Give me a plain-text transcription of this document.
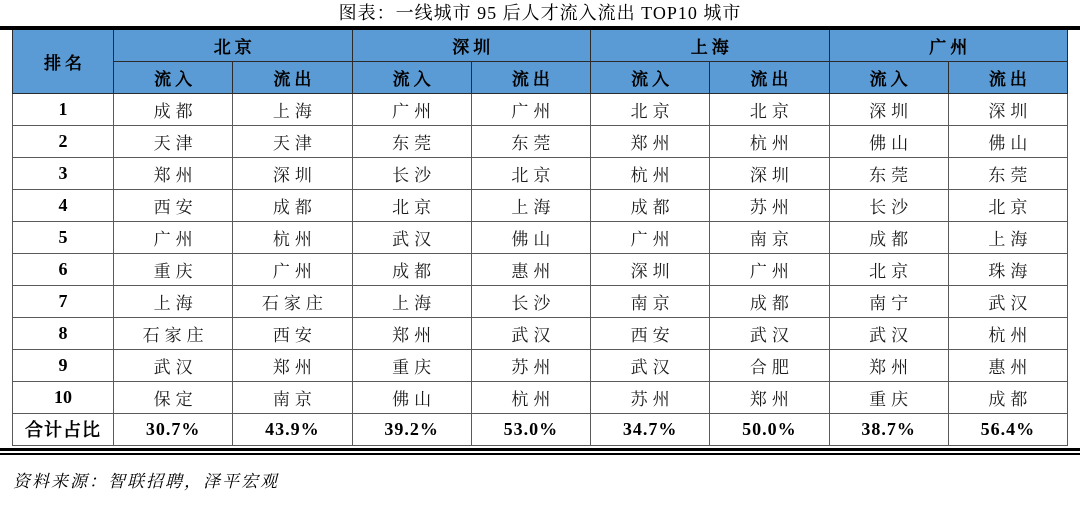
图表：一线城市 95 后人才流入流出 TOP10 城市
排名	北京		深圳		上海		广州	
	流入	流出	流入	流出	流入	流出	流入	流出
1	成都	上海	广州	广州	北京	北京	深圳	深圳
2	天津	天津	东莞	东莞	郑州	杭州	佛山	佛山
3	郑州	深圳	长沙	北京	杭州	深圳	东莞	东莞
4	西安	成都	北京	上海	成都	苏州	长沙	北京
5	广州	杭州	武汉	佛山	广州	南京	成都	上海
6	重庆	广州	成都	惠州	深圳	广州	北京	珠海
7	上海	石家庄	上海	长沙	南京	成都	南宁	武汉
8	石家庄	西安	郑州	武汉	西安	武汉	武汉	杭州
9	武汉	郑州	重庆	苏州	武汉	合肥	郑州	惠州
10	保定	南京	佛山	杭州	苏州	郑州	重庆	成都
合计占比	30.7%	43.9%	39.2%	53.0%	34.7%	50.0%	38.7%	56.4%
资料来源：智联招聘，泽平宏观
